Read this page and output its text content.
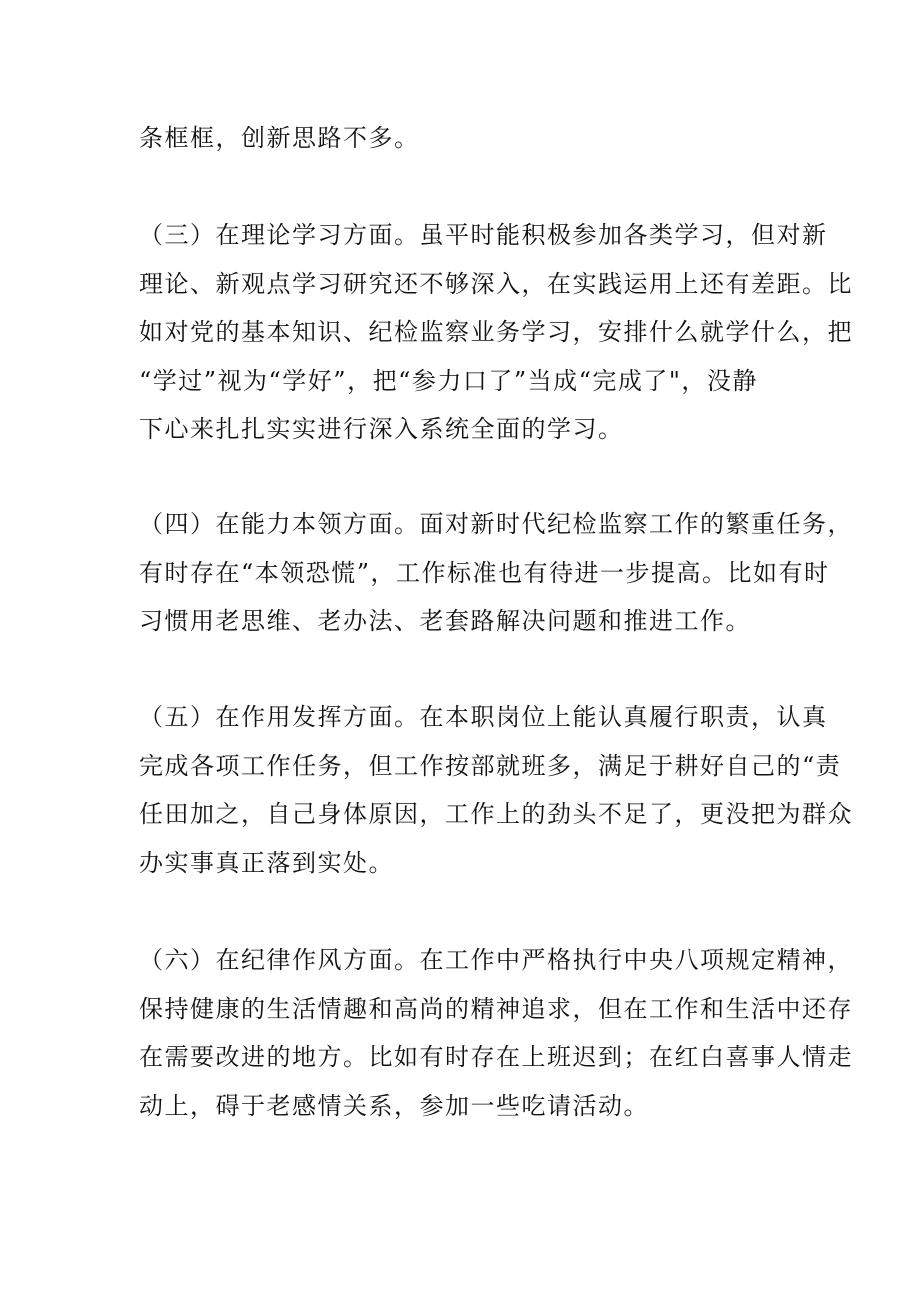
条框框，创新思路不多。
（三）在理论学习方面。虽平时能积极参加各类学习，但对新
理论、新观点学习研究还不够深入，在实践运用上还有差距。比
如对党的基本知识、纪检监察业务学习，安排什么就学什么，把
“学过”视为“学好”，把“参力口了”当成“完成了"，没静
下心来扎扎实实进行深入系统全面的学习。
（四）在能力本领方面。面对新时代纪检监察工作的繁重任务，
有时存在“本领恐慌”，工作标准也有待进一步提高。比如有时
习惯用老思维、老办法、老套路解决问题和推进工作。
（五）在作用发挥方面。在本职岗位上能认真履行职责，认真
完成各项工作任务，但工作按部就班多，满足于耕好自己的“责
任田加之，自己身体原因，工作上的劲头不足了，更没把为群众
办实事真正落到实处。
（六）在纪律作风方面。在工作中严格执行中央八项规定精神，
保持健康的生活情趣和高尚的精神追求，但在工作和生活中还存
在需要改进的地方。比如有时存在上班迟到；在红白喜事人情走
动上，碍于老感情关系，参加一些吃请活动。
